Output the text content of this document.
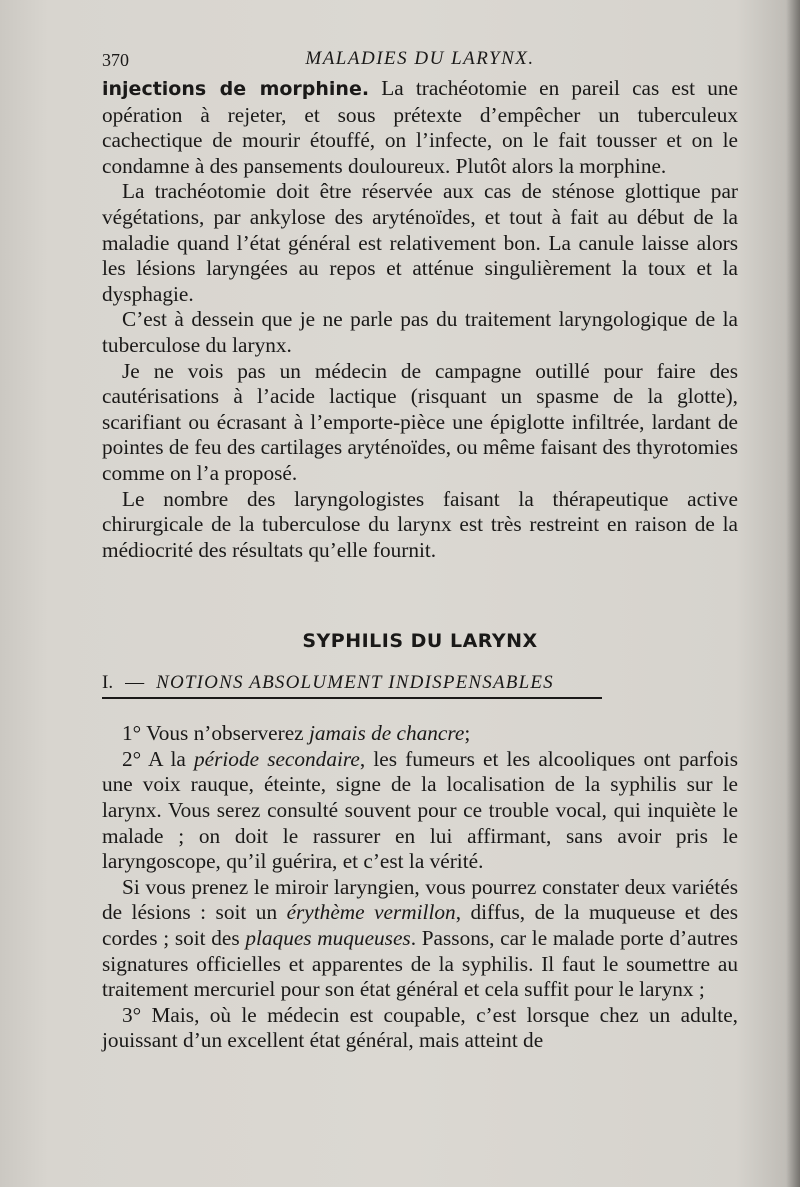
370	MALADIES DU LARYNX.

injections de morphine. La trachéotomie en pareil cas est une opération à rejeter, et sous prétexte d’empêcher un tuberculeux cachectique de mourir étouffé, on l’infecte, on le fait tousser et on le condamne à des pansements douloureux. Plutôt alors la morphine.

La trachéotomie doit être réservée aux cas de sténose glottique par végétations, par ankylose des aryténoïdes, et tout à fait au début de la maladie quand l’état général est relativement bon. La canule laisse alors les lésions laryngées au repos et atténue singulièrement la toux et la dysphagie.

C’est à dessein que je ne parle pas du traitement laryngologique de la tuberculose du larynx.

Je ne vois pas un médecin de campagne outillé pour faire des cautérisations à l’acide lactique (risquant un spasme de la glotte), scarifiant ou écrasant à l’emporte-pièce une épiglotte infiltrée, lardant de pointes de feu des cartilages aryténoïdes, ou même faisant des thyrotomies comme on l’a proposé.

Le nombre des laryngologistes faisant la thérapeutique active chirurgicale de la tuberculose du larynx est très restreint en raison de la médiocrité des résultats qu’elle fournit.

SYPHILIS DU LARYNX
I. — NOTIONS ABSOLUMENT INDISPENSABLES

1° Vous n’observerez jamais de chancre;

2° A la période secondaire, les fumeurs et les alcooliques ont parfois une voix rauque, éteinte, signe de la localisation de la syphilis sur le larynx. Vous serez consulté souvent pour ce trouble vocal, qui inquiète le malade ; on doit le rassurer en lui affirmant, sans avoir pris le laryngoscope, qu’il guérira, et c’est la vérité.

Si vous prenez le miroir laryngien, vous pourrez constater deux variétés de lésions : soit un érythème vermillon, diffus, de la muqueuse et des cordes ; soit des plaques muqueuses. Passons, car le malade porte d’autres signatures officielles et apparentes de la syphilis. Il faut le soumettre au traitement mercuriel pour son état général et cela suffit pour le larynx ;

3° Mais, où le médecin est coupable, c’est lorsque chez un adulte, jouissant d’un excellent état général, mais atteint de
